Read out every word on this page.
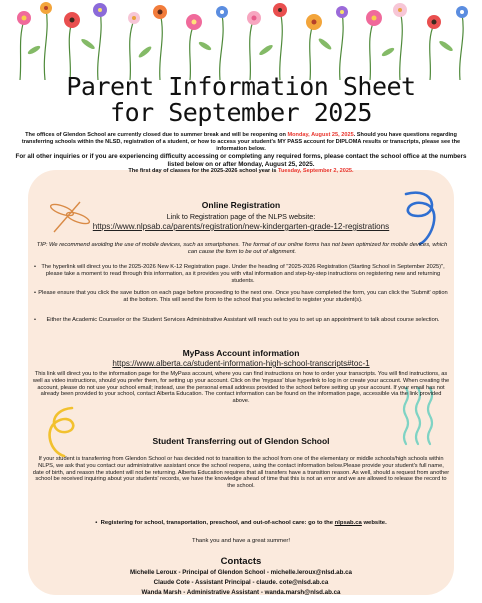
Parent Information Sheet
for September 2025
The offices of Glendon School are currently closed due to summer break and will be reopening on Monday, August 25, 2025. Should you have questions regarding transferring schools within the NLSD, registration of a student, or how to access your student's MY PASS account for DIPLOMA results or transcripts, please see the information below.
For all other inquiries or if you are experiencing difficulty accessing or completing any required forms, please contact the school office at the numbers listed below on or after Monday, August 25, 2025.
The first day of classes for the 2025-2026 school year is Tuesday, September 2, 2025.
Online Registration
Link to Registration page of the NLPS website:
https://www.nlpsab.ca/parents/registration/new-kindergarten-grade-12-registrations
TIP: We recommend avoiding the use of mobile devices, such as smartphones. The format of our online forms has not been optimized for mobile devices, which can cause the form to be out of alignment.
• The hyperlink will direct you to the 2025-2026 New K-12 Registration page. Under the heading of "2025-2026 Registration (Starting School in September 2025)", please take a moment to read through this information, as it provides you with vital information and step-by-step instructions on registering new and returning students.
• Please ensure that you click the save button on each page before proceeding to the next one. Once you have completed the form, you can click the 'Submit' option at the bottom. This will send the form to the school that you selected to register your student(s).
• Either the Academic Counselor or the Student Services Administrative Assistant will reach out to you to set up an appointment to talk about course selection.
MyPass Account information
https://www.alberta.ca/student-information-high-school-transcripts#toc-1
This link will direct you to the information page for the MyPass account, where you can find instructions on how to order your transcripts. You will find instructions, as well as video instructions, should you prefer them, for setting up your account. Click on the 'mypass' blue hyperlink to log in or create your account. When creating the account, please do not use your school email; instead, use the personal email address provided to the school before setting up your account. If your email has not already been provided to your school, contact Alberta Education. The contact information can be found on the information page, accessible via the link provided above.
Student Transferring out of Glendon School
If your student is transferring from Glendon School or has decided not to transition to the school from one of the elementary or middle schools/high schools within NLPS, we ask that you contact our administrative assistant once the school reopens, using the contact information below.Please provide your student's full name, date of birth, and reason the student will not be returning. Alberta Education requires that all transfers have a transition reason. As well, should a request from another school be received inquiring about your students' records, we have the knowledge ahead of time that this is not an error and we are allowed to release the record to the school.
•  Registering for school, transportation, preschool, and out-of-school care: go to the nlpsab.ca website.
Thank you and have a great summer!
Contacts
Michelle Leroux - Principal of Glendon School - michelle.leroux@nlsd.ab.ca
Claude Cote - Assistant Principal - claude. cote@nlsd.ab.ca
Wanda Marsh - Administrative Assistant - wanda.marsh@nlsd.ab.ca
